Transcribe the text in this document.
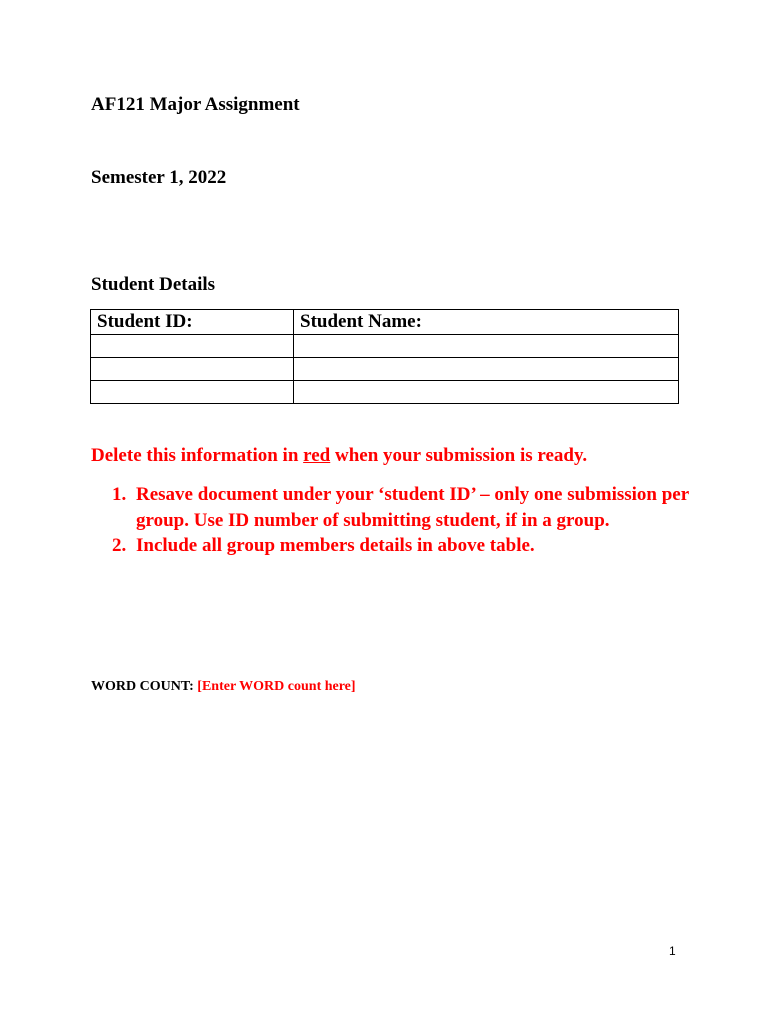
AF121 Major Assignment
Semester 1, 2022
Student Details
Student ID:	Student Name:

Delete this information in red when your submission is ready.
1. Resave document under your ‘student ID’ – only one submission per group. Use ID number of submitting student, if in a group.
2. Include all group members details in above table.
WORD COUNT: [Enter WORD count here]
1
